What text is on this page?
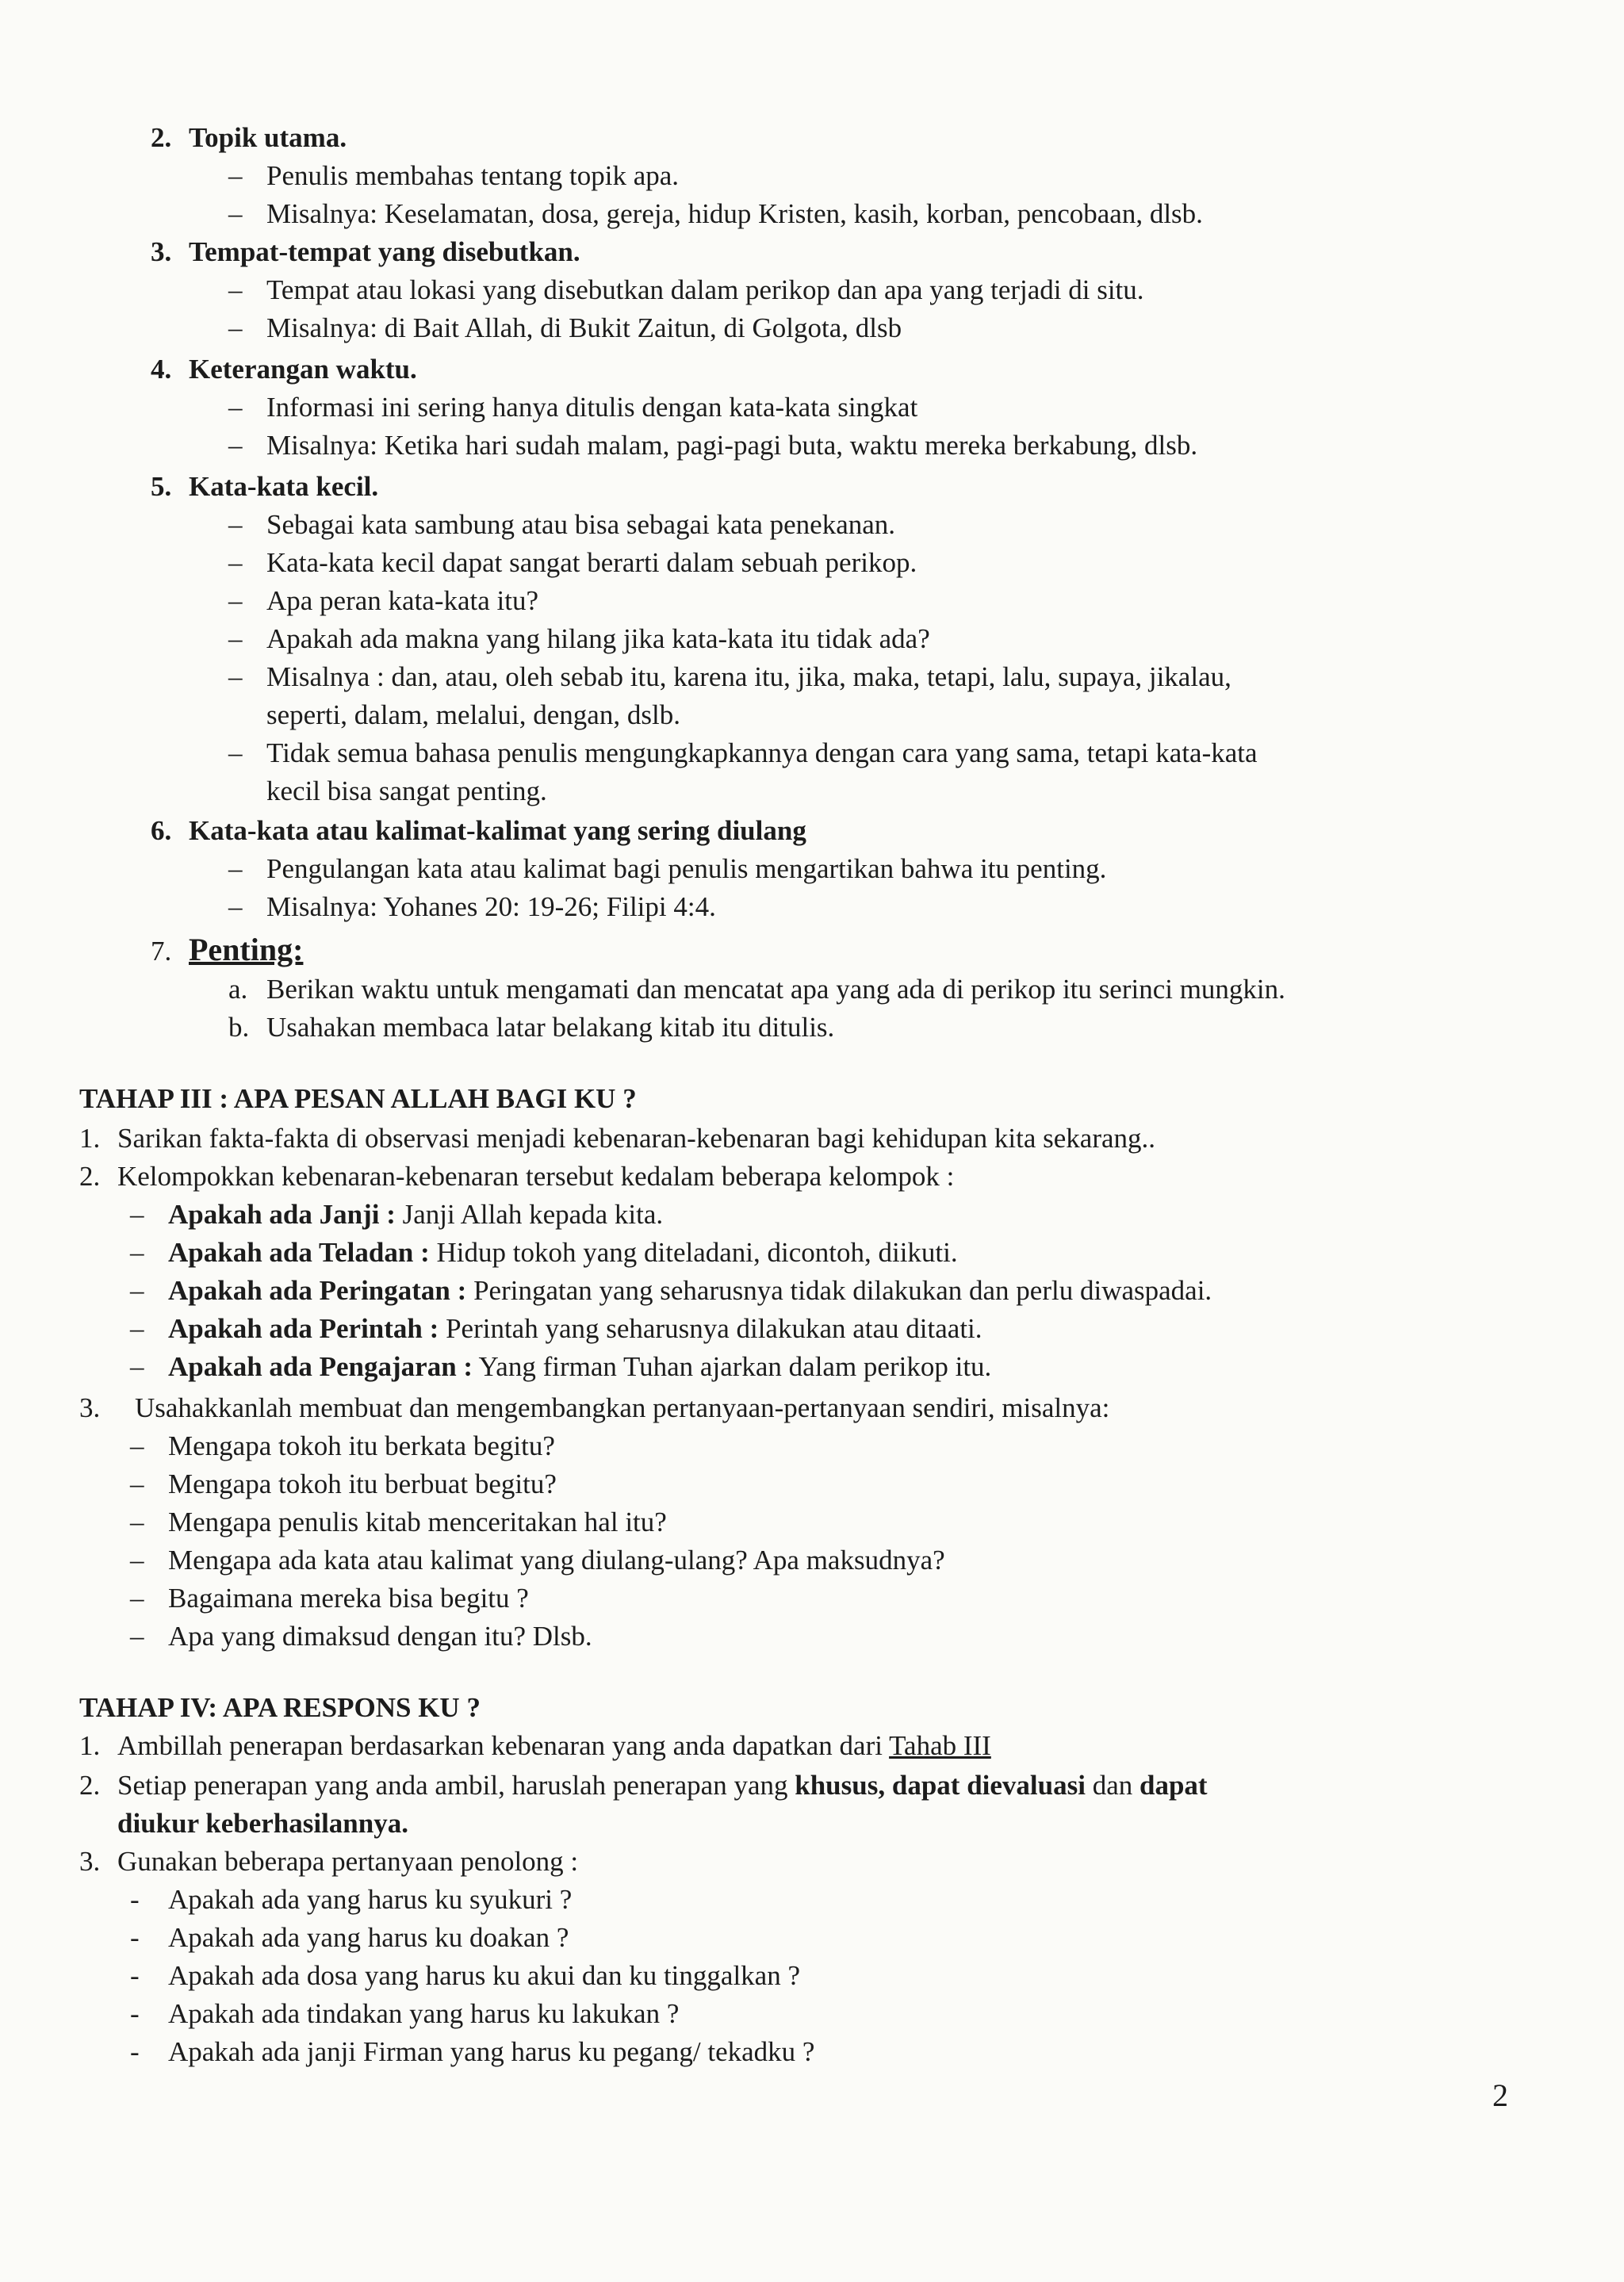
2. Topik utama.
– Penulis membahas tentang topik apa.
– Misalnya: Keselamatan, dosa, gereja, hidup Kristen, kasih, korban, pencobaan, dlsb.
3. Tempat-tempat yang disebutkan.
– Tempat atau lokasi yang disebutkan dalam perikop dan apa yang terjadi di situ.
– Misalnya: di Bait Allah, di Bukit Zaitun, di Golgota, dlsb
4. Keterangan waktu.
– Informasi ini sering hanya ditulis dengan kata-kata singkat
– Misalnya: Ketika hari sudah malam, pagi-pagi buta, waktu mereka berkabung, dlsb.
5. Kata-kata kecil.
– Sebagai kata sambung atau bisa sebagai kata penekanan.
– Kata-kata kecil dapat sangat berarti dalam sebuah perikop.
– Apa peran kata-kata itu?
– Apakah ada makna yang hilang jika kata-kata itu tidak ada?
– Misalnya : dan, atau, oleh sebab itu, karena itu, jika, maka, tetapi, lalu, supaya, jikalau,
seperti, dalam, melalui, dengan, dslb.
– Tidak semua bahasa penulis mengungkapkannya dengan cara yang sama, tetapi kata-kata
kecil bisa sangat penting.
6. Kata-kata atau kalimat-kalimat yang sering diulang
– Pengulangan kata atau kalimat bagi penulis mengartikan bahwa itu penting.
– Misalnya: Yohanes 20: 19-26; Filipi 4:4.
7. Penting:
a. Berikan waktu untuk mengamati dan mencatat apa yang ada di perikop itu serinci mungkin.
b. Usahakan membaca latar belakang kitab itu ditulis.
TAHAP III : APA PESAN ALLAH BAGI KU ?
1. Sarikan fakta-fakta di observasi menjadi kebenaran-kebenaran bagi kehidupan kita sekarang..
2. Kelompokkan kebenaran-kebenaran tersebut kedalam beberapa kelompok :
– Apakah ada Janji : Janji Allah kepada kita.
– Apakah ada Teladan : Hidup tokoh yang diteladani, dicontoh, diikuti.
– Apakah ada Peringatan : Peringatan yang seharusnya tidak dilakukan dan perlu diwaspadai.
– Apakah ada Perintah : Perintah yang seharusnya dilakukan atau ditaati.
– Apakah ada Pengajaran : Yang firman Tuhan ajarkan dalam perikop itu.
3. Usahakkanlah membuat dan mengembangkan pertanyaan-pertanyaan sendiri, misalnya:
– Mengapa tokoh itu berkata begitu?
– Mengapa tokoh itu berbuat begitu?
– Mengapa penulis kitab menceritakan hal itu?
– Mengapa ada kata atau kalimat yang diulang-ulang? Apa maksudnya?
– Bagaimana mereka bisa begitu ?
– Apa yang dimaksud dengan itu? Dlsb.
TAHAP IV: APA RESPONS KU ?
1. Ambillah penerapan berdasarkan kebenaran yang anda dapatkan dari Tahab III
2. Setiap penerapan yang anda ambil, haruslah penerapan yang khusus, dapat dievaluasi dan dapat
diukur keberhasilannya.
3. Gunakan beberapa pertanyaan penolong :
- Apakah ada yang harus ku syukuri ?
- Apakah ada yang harus ku doakan ?
- Apakah ada dosa yang harus ku akui dan ku tinggalkan ?
- Apakah ada tindakan yang harus ku lakukan ?
- Apakah ada janji Firman yang harus ku pegang/ tekadku ?
2
